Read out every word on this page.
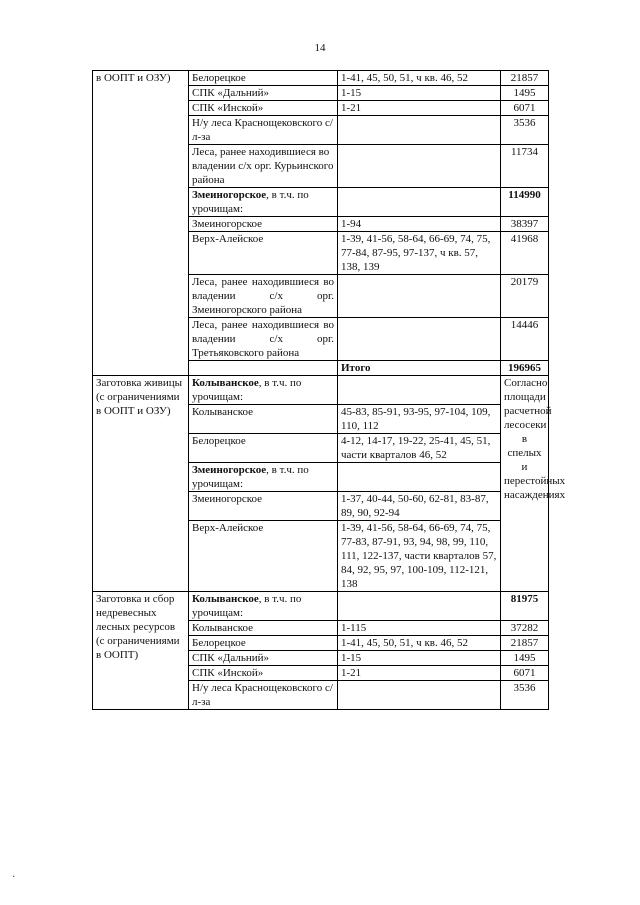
14
в ООПТ и ОЗУ)	Белорецкое	1-41, 45, 50, 51, ч кв. 46, 52	21857
	СПК «Дальний»	1-15	1495
	СПК «Инской»	1-21	6071
	Н/у леса Краснощековского с/л-за		3536
	Леса, ранее находившиеся во владении с/х орг. Курьинского района		11734
	Змеиногорское, в т.ч. по урочищам:		114990
	Змеиногорское	1-94	38397
	Верх-Алейское	1-39, 41-56, 58-64, 66-69, 74, 75, 77-84, 87-95, 97-137, ч кв. 57, 138, 139	41968
	Леса, ранее находившиеся во владении с/х орг. Змеиногорского района		20179
	Леса, ранее находившиеся во владении с/х орг. Третьяковского района		14446
		Итого	196965
Заготовка живицы (с ограничениями в ООПТ и ОЗУ)	Колыванское, в т.ч. по урочищам:		Согласно площади расчетной лесосеки в спелых и перестойных насаждениях
	Колыванское	45-83, 85-91, 93-95, 97-104, 109, 110, 112	
	Белорецкое	4-12, 14-17, 19-22, 25-41, 45, 51, части кварталов 46, 52	
	Змеиногорское, в т.ч. по урочищам:		
	Змеиногорское	1-37, 40-44, 50-60, 62-81, 83-87, 89, 90, 92-94	
	Верх-Алейское	1-39, 41-56, 58-64, 66-69, 74, 75, 77-83, 87-91, 93, 94, 98, 99, 110, 111, 122-137, части кварталов 57, 84, 92, 95, 97, 100-109, 112-121, 138	
Заготовка и сбор недревесных лесных ресурсов (с ограничениями в ООПТ)	Колыванское, в т.ч. по урочищам:		81975
	Колыванское	1-115	37282
	Белорецкое	1-41, 45, 50, 51, ч кв. 46, 52	21857
	СПК «Дальний»	1-15	1495
	СПК «Инской»	1-21	6071
	Н/у леса Краснощековского с/л-за		3536
·
